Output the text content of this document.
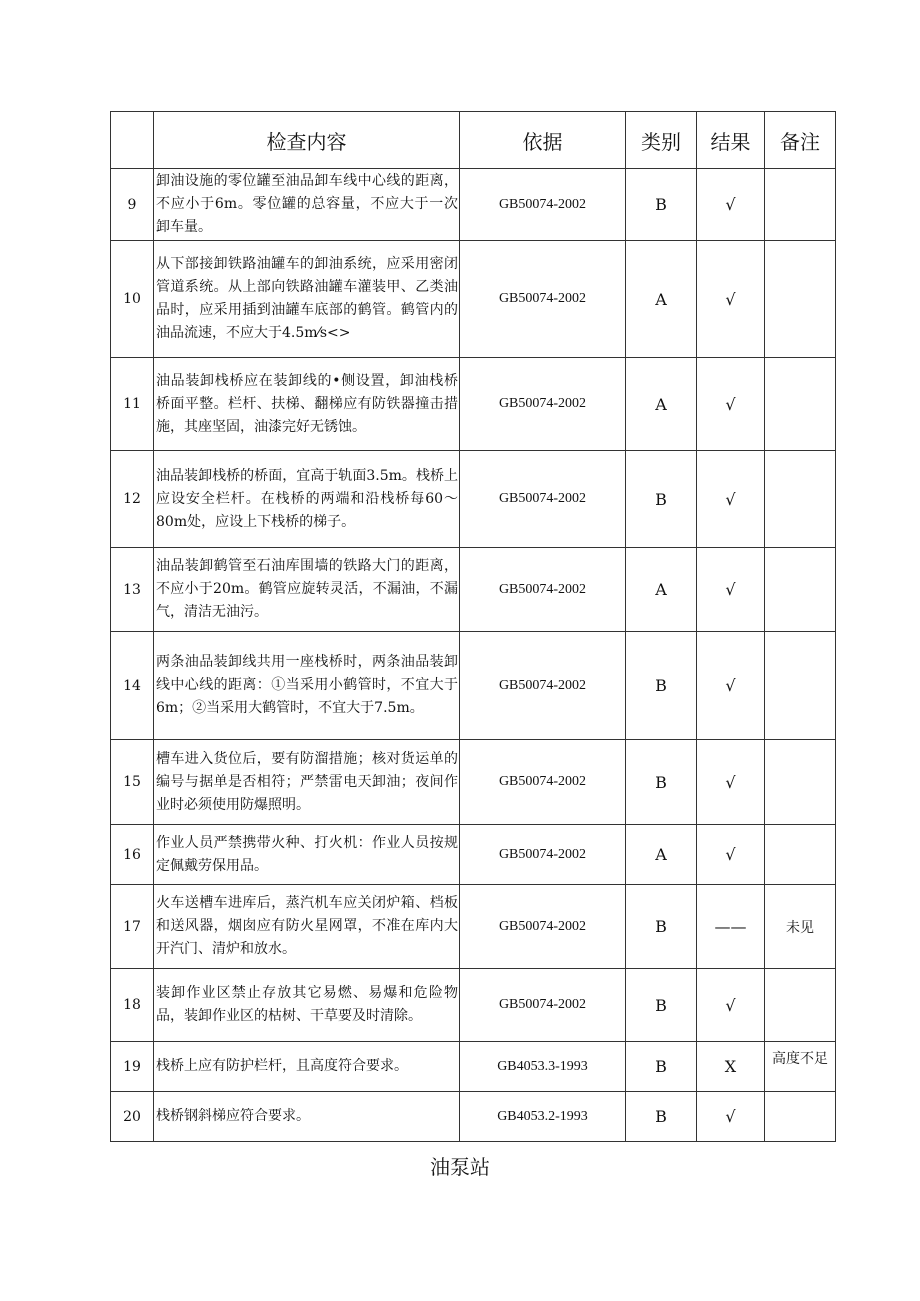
	检查内容	依据	类别	结果	备注
9	卸油设施的零位罐至油品卸车线中心线的距离，不应小于6m。零位罐的总容量，不应大于一次卸车量。	GB50074-2002	B	√	
10	从下部接卸铁路油罐车的卸油系统，应采用密闭管道系统。从上部向铁路油罐车灌装甲、乙类油品时，应采用插到油罐车底部的鹤管。鹤管内的油品流速，不应大于4.5m⁄s<>	GB50074-2002	A	√	
11	油品装卸栈桥应在装卸线的•侧设置，卸油栈桥桥面平整。栏杆、扶梯、翻梯应有防铁器撞击措施，其座坚固，油漆完好无锈蚀。	GB50074-2002	A	√	
12	油品装卸栈桥的桥面，宜高于轨面3.5m。栈桥上应设安全栏杆。在栈桥的两端和沿栈桥每60～80m处，应设上下栈桥的梯子。	GB50074-2002	B	√	
13	油品装卸鹤管至石油库围墙的铁路大门的距离，不应小于20m。鹤管应旋转灵活，不漏油，不漏气，清洁无油污。	GB50074-2002	A	√	
14	两条油品装卸线共用一座栈桥时，两条油品装卸线中心线的距离：①当采用小鹤管时，不宜大于6m；②当采用大鹤管时，不宜大于7.5m。	GB50074-2002	B	√	
15	槽车进入货位后，要有防溜措施；核对货运单的编号与据单是否相符；严禁雷电天卸油；夜间作业时必须使用防爆照明。	GB50074-2002	B	√	
16	作业人员严禁携带火种、打火机：作业人员按规定佩戴劳保用品。	GB50074-2002	A	√	
17	火车送槽车进库后，蒸汽机车应关闭炉箱、档板和送风器，烟囱应有防火星网罩，不准在库内大开汽门、清炉和放水。	GB50074-2002	B	——	未见
18	装卸作业区禁止存放其它易燃、易爆和危险物品，装卸作业区的枯树、干草要及时清除。	GB50074-2002	B	√	
19	栈桥上应有防护栏杆，且高度符合要求。	GB4053.3-1993	B	X	高度不足
20	栈桥钢斜梯应符合要求。	GB4053.2-1993	B	√	
油泵站
